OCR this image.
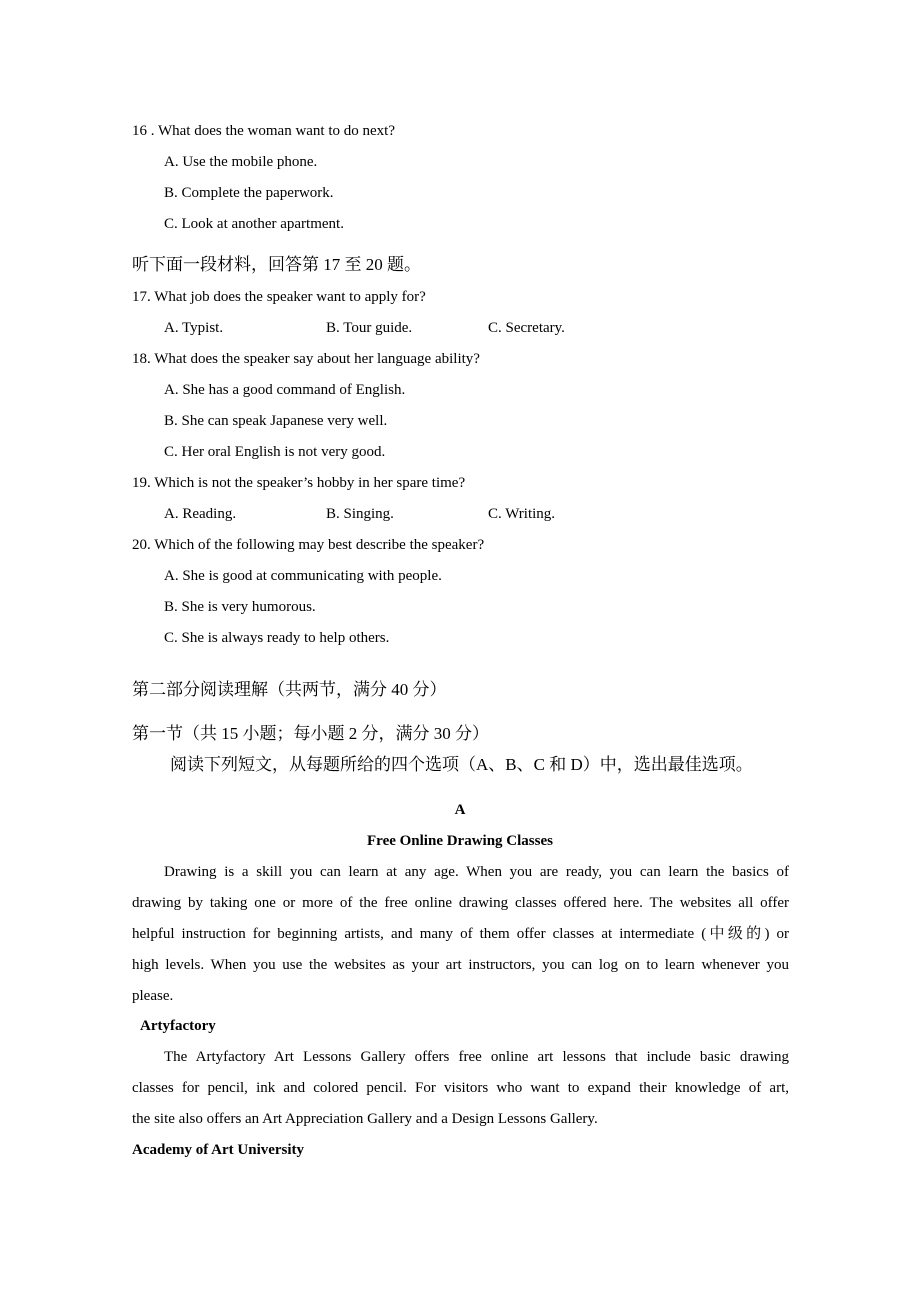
16 . What does the woman want to do next?
A. Use the mobile phone.
B. Complete the paperwork.
C. Look at another apartment.
听下面一段材料，回答第 17 至 20 题。
17. What job does the speaker want to apply for?
A. Typist.	B. Tour guide.	C. Secretary.
18. What does the speaker say about her language ability?
A. She has a good command of English.
B. She can speak Japanese very well.
C. Her oral English is not very good.
19. Which is not the speaker’s hobby in her spare time?
A. Reading.	B. Singing.	C. Writing.
20. Which of the following may best describe the speaker?
A. She is good at communicating with people.
B. She is very humorous.
C. She is always ready to help others.
第二部分阅读理解（共两节，满分 40 分）
第一节（共 15 小题；每小题 2 分，满分 30 分）
阅读下列短文，从每题所给的四个选项（A、B、C 和 D）中，选出最佳选项。
A
Free Online Drawing Classes
Drawing is a skill you can learn at any age. When you are ready, you can learn the basics of
drawing by taking one or more of the free online drawing classes offered here. The websites all offer
helpful instruction for beginning artists, and many of them offer classes at intermediate (中级的) or
high levels. When you use the websites as your art instructors, you can log on to learn whenever you
please.
Artyfactory
The Artyfactory Art Lessons Gallery offers free online art lessons that include basic drawing
classes for pencil, ink and colored pencil. For visitors who want to expand their knowledge of art,
the site also offers an Art Appreciation Gallery and a Design Lessons Gallery.
Academy of Art University
